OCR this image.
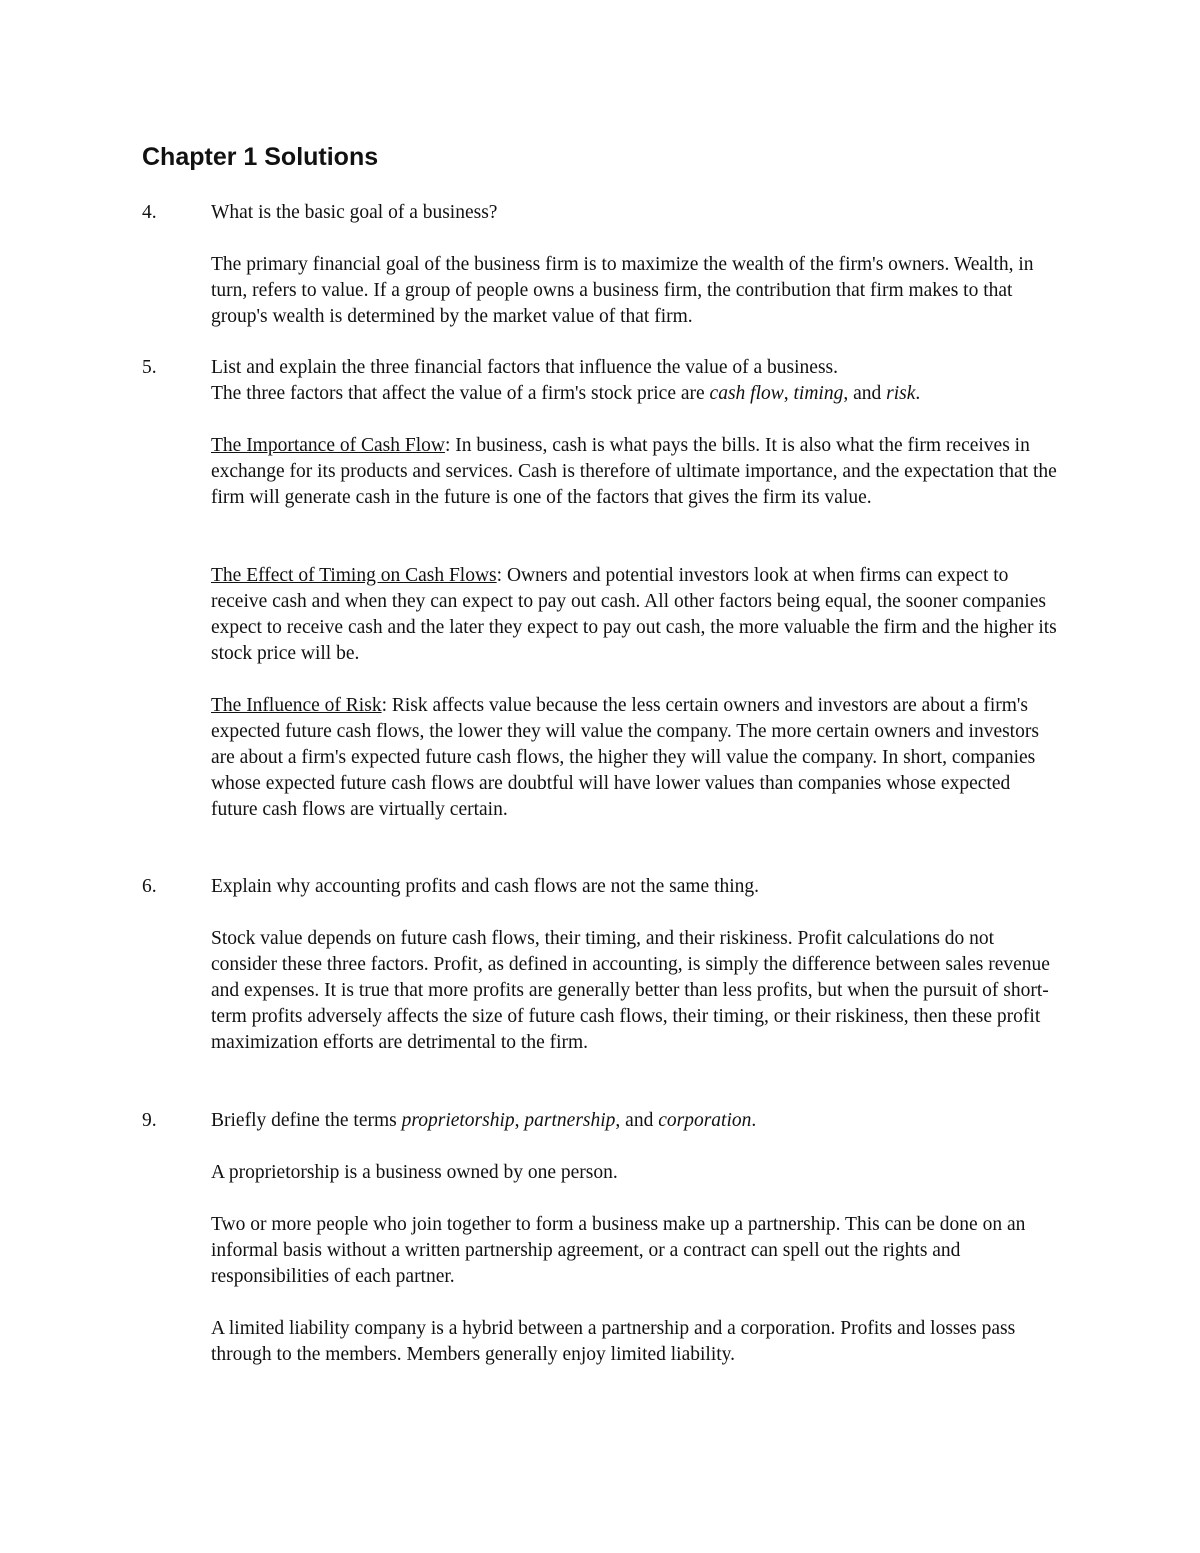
Chapter 1 Solutions
4.	What is the basic goal of a business?

The primary financial goal of the business firm is to maximize the wealth of the firm's owners. Wealth, in turn, refers to value. If a group of people owns a business firm, the contribution that firm makes to that group's wealth is determined by the market value of that firm.

5.	List and explain the three financial factors that influence the value of a business.
The three factors that affect the value of a firm's stock price are cash flow, timing, and risk.

The Importance of Cash Flow: In business, cash is what pays the bills. It is also what the firm receives in exchange for its products and services. Cash is therefore of ultimate importance, and the expectation that the firm will generate cash in the future is one of the factors that gives the firm its value.

The Effect of Timing on Cash Flows: Owners and potential investors look at when firms can expect to receive cash and when they can expect to pay out cash. All other factors being equal, the sooner companies expect to receive cash and the later they expect to pay out cash, the more valuable the firm and the higher its stock price will be.

The Influence of Risk: Risk affects value because the less certain owners and investors are about a firm's expected future cash flows, the lower they will value the company. The more certain owners and investors are about a firm's expected future cash flows, the higher they will value the company. In short, companies whose expected future cash flows are doubtful will have lower values than companies whose expected future cash flows are virtually certain.

6.	Explain why accounting profits and cash flows are not the same thing.

Stock value depends on future cash flows, their timing, and their riskiness. Profit calculations do not consider these three factors. Profit, as defined in accounting, is simply the difference between sales revenue and expenses. It is true that more profits are generally better than less profits, but when the pursuit of short-term profits adversely affects the size of future cash flows, their timing, or their riskiness, then these profit maximization efforts are detrimental to the firm.

9.	Briefly define the terms proprietorship, partnership, and corporation.

A proprietorship is a business owned by one person.

Two or more people who join together to form a business make up a partnership. This can be done on an informal basis without a written partnership agreement, or a contract can spell out the rights and responsibilities of each partner.

A limited liability company is a hybrid between a partnership and a corporation. Profits and losses pass through to the members. Members generally enjoy limited liability.
